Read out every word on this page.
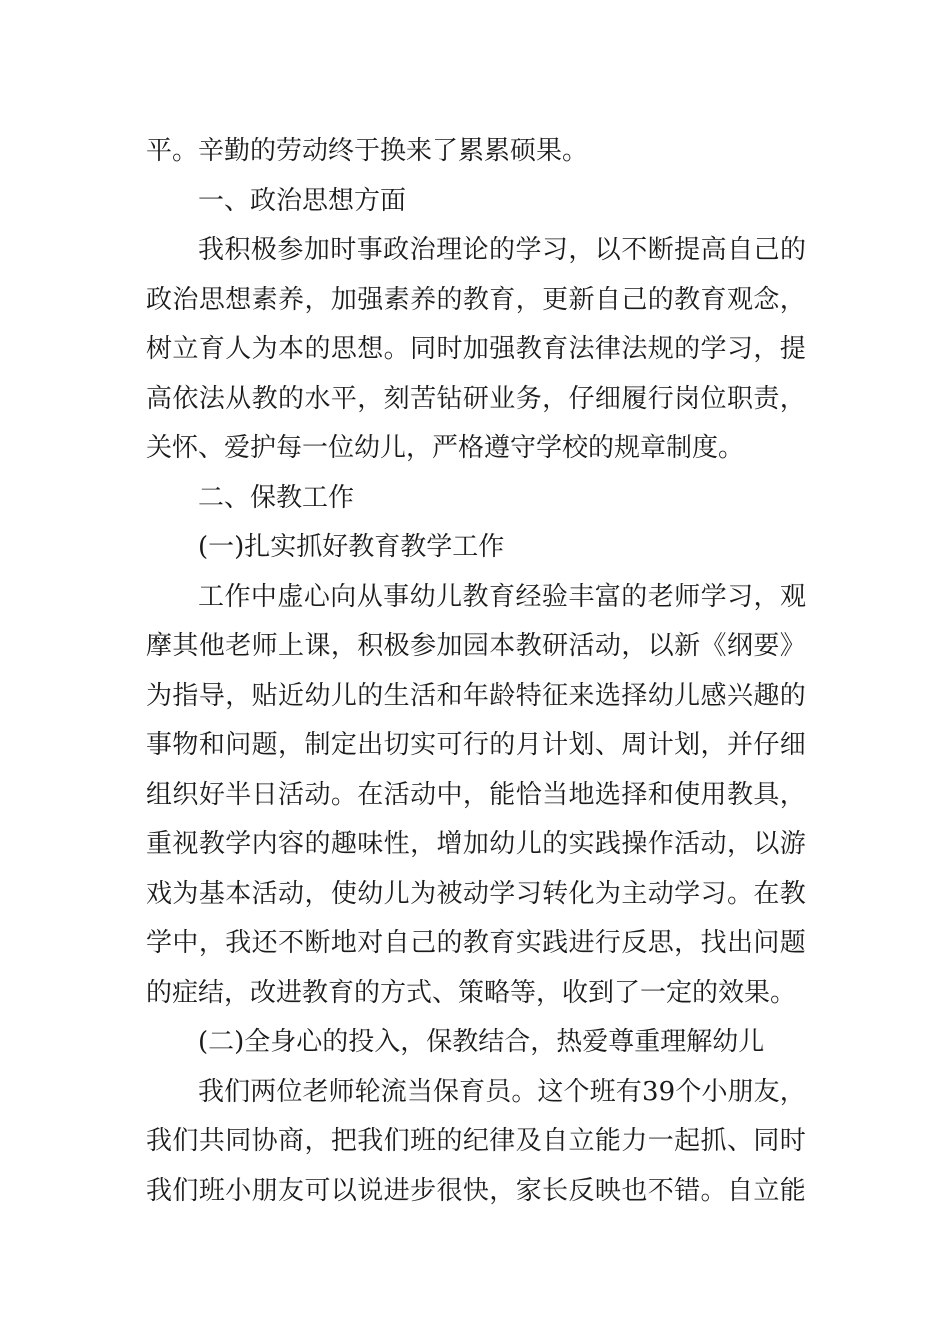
平。辛勤的劳动终于换来了累累硕果。
一、政治思想方面
我 积 极 参 加 时 事 政 治 理 论 的 学 习 ， 以 不 断 提 高 自 己 的
政 治 思 想 素 养 ， 加 强 素 养 的 教 育 ， 更 新 自 己 的 教 育 观 念 ，
树 立 育 人 为 本 的 思 想 。 同 时 加 强 教 育 法 律 法 规 的 学 习 ， 提
高 依 法 从 教 的 水 平 ， 刻 苦 钻 研 业 务 ， 仔 细 履 行 岗 位 职 责 ，
关怀、爱护每一位幼儿，严格遵守学校的规章制度。
二、保教工作
(一)扎实抓好教育教学工作
工 作 中 虚 心 向 从 事 幼 儿 教 育 经 验 丰 富 的 老 师 学 习 ， 观
摩 其 他 老 师 上 课 ， 积 极 参 加 园 本 教 研 活 动 ， 以 新 《 纲 要 》
为 指 导 ， 贴 近 幼 儿 的 生 活 和 年 龄 特 征 来 选 择 幼 儿 感 兴 趣 的
事 物 和 问 题 ， 制 定 出 切 实 可 行 的 月 计 划 、 周 计 划 ， 并 仔 细
组 织 好 半 日 活 动 。 在 活 动 中 ， 能 恰 当 地 选 择 和 使 用 教 具 ，
重 视 教 学 内 容 的 趣 味 性 ， 增 加 幼 儿 的 实 践 操 作 活 动 ， 以 游
戏 为 基 本 活 动 ， 使 幼 儿 为 被 动 学 习 转 化 为 主 动 学 习 。 在 教
学 中 ， 我 还 不 断 地 对 自 己 的 教 育 实 践 进 行 反 思 ， 找 出 问 题
的症结，改进教育的方式、策略等，收到了一定的效果。
(二)全身心的投入，保教结合，热爱尊重理解幼儿
我 们 两 位 老 师 轮 流 当 保 育 员 。 这 个 班 有 3 9 个 小 朋 友 ，
我 们 共 同 协 商 ， 把 我 们 班 的 纪 律 及 自 立 能 力 一 起 抓 、 同 时
我 们 班 小 朋 友 可 以 说 进 步 很 快 ， 家 长 反 映 也 不 错 。 自 立 能
